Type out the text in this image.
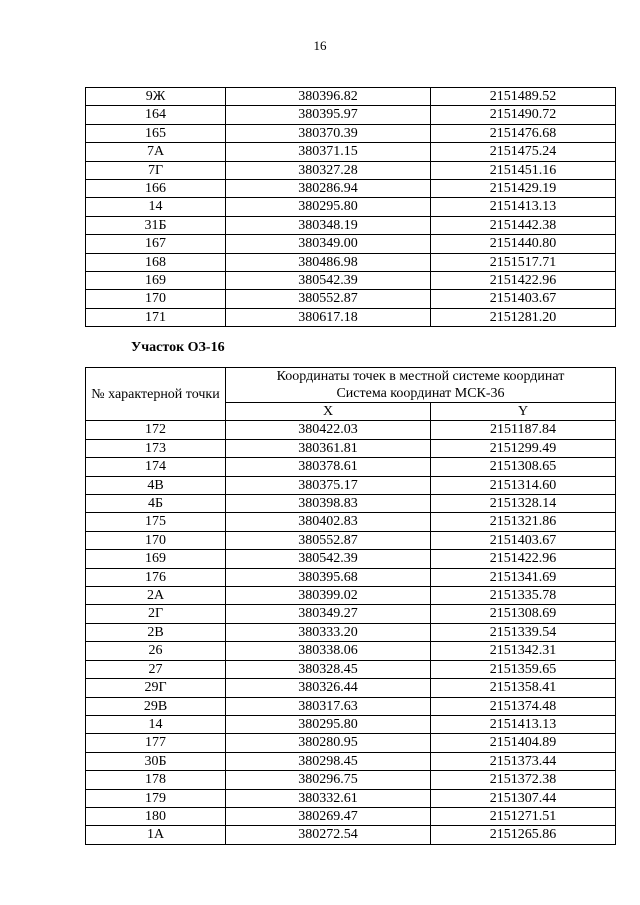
16
9Ж	380396.82	2151489.52
164	380395.97	2151490.72
165	380370.39	2151476.68
7А	380371.15	2151475.24
7Г	380327.28	2151451.16
166	380286.94	2151429.19
14	380295.80	2151413.13
31Б	380348.19	2151442.38
167	380349.00	2151440.80
168	380486.98	2151517.71
169	380542.39	2151422.96
170	380552.87	2151403.67
171	380617.18	2151281.20
Участок ОЗ-16
№ характерной точки	Координаты точек в местной системе координат
Система координат МСК-36	
	X	Y
172	380422.03	2151187.84
173	380361.81	2151299.49
174	380378.61	2151308.65
4В	380375.17	2151314.60
4Б	380398.83	2151328.14
175	380402.83	2151321.86
170	380552.87	2151403.67
169	380542.39	2151422.96
176	380395.68	2151341.69
2А	380399.02	2151335.78
2Г	380349.27	2151308.69
2В	380333.20	2151339.54
26	380338.06	2151342.31
27	380328.45	2151359.65
29Г	380326.44	2151358.41
29В	380317.63	2151374.48
14	380295.80	2151413.13
177	380280.95	2151404.89
30Б	380298.45	2151373.44
178	380296.75	2151372.38
179	380332.61	2151307.44
180	380269.47	2151271.51
1А	380272.54	2151265.86
